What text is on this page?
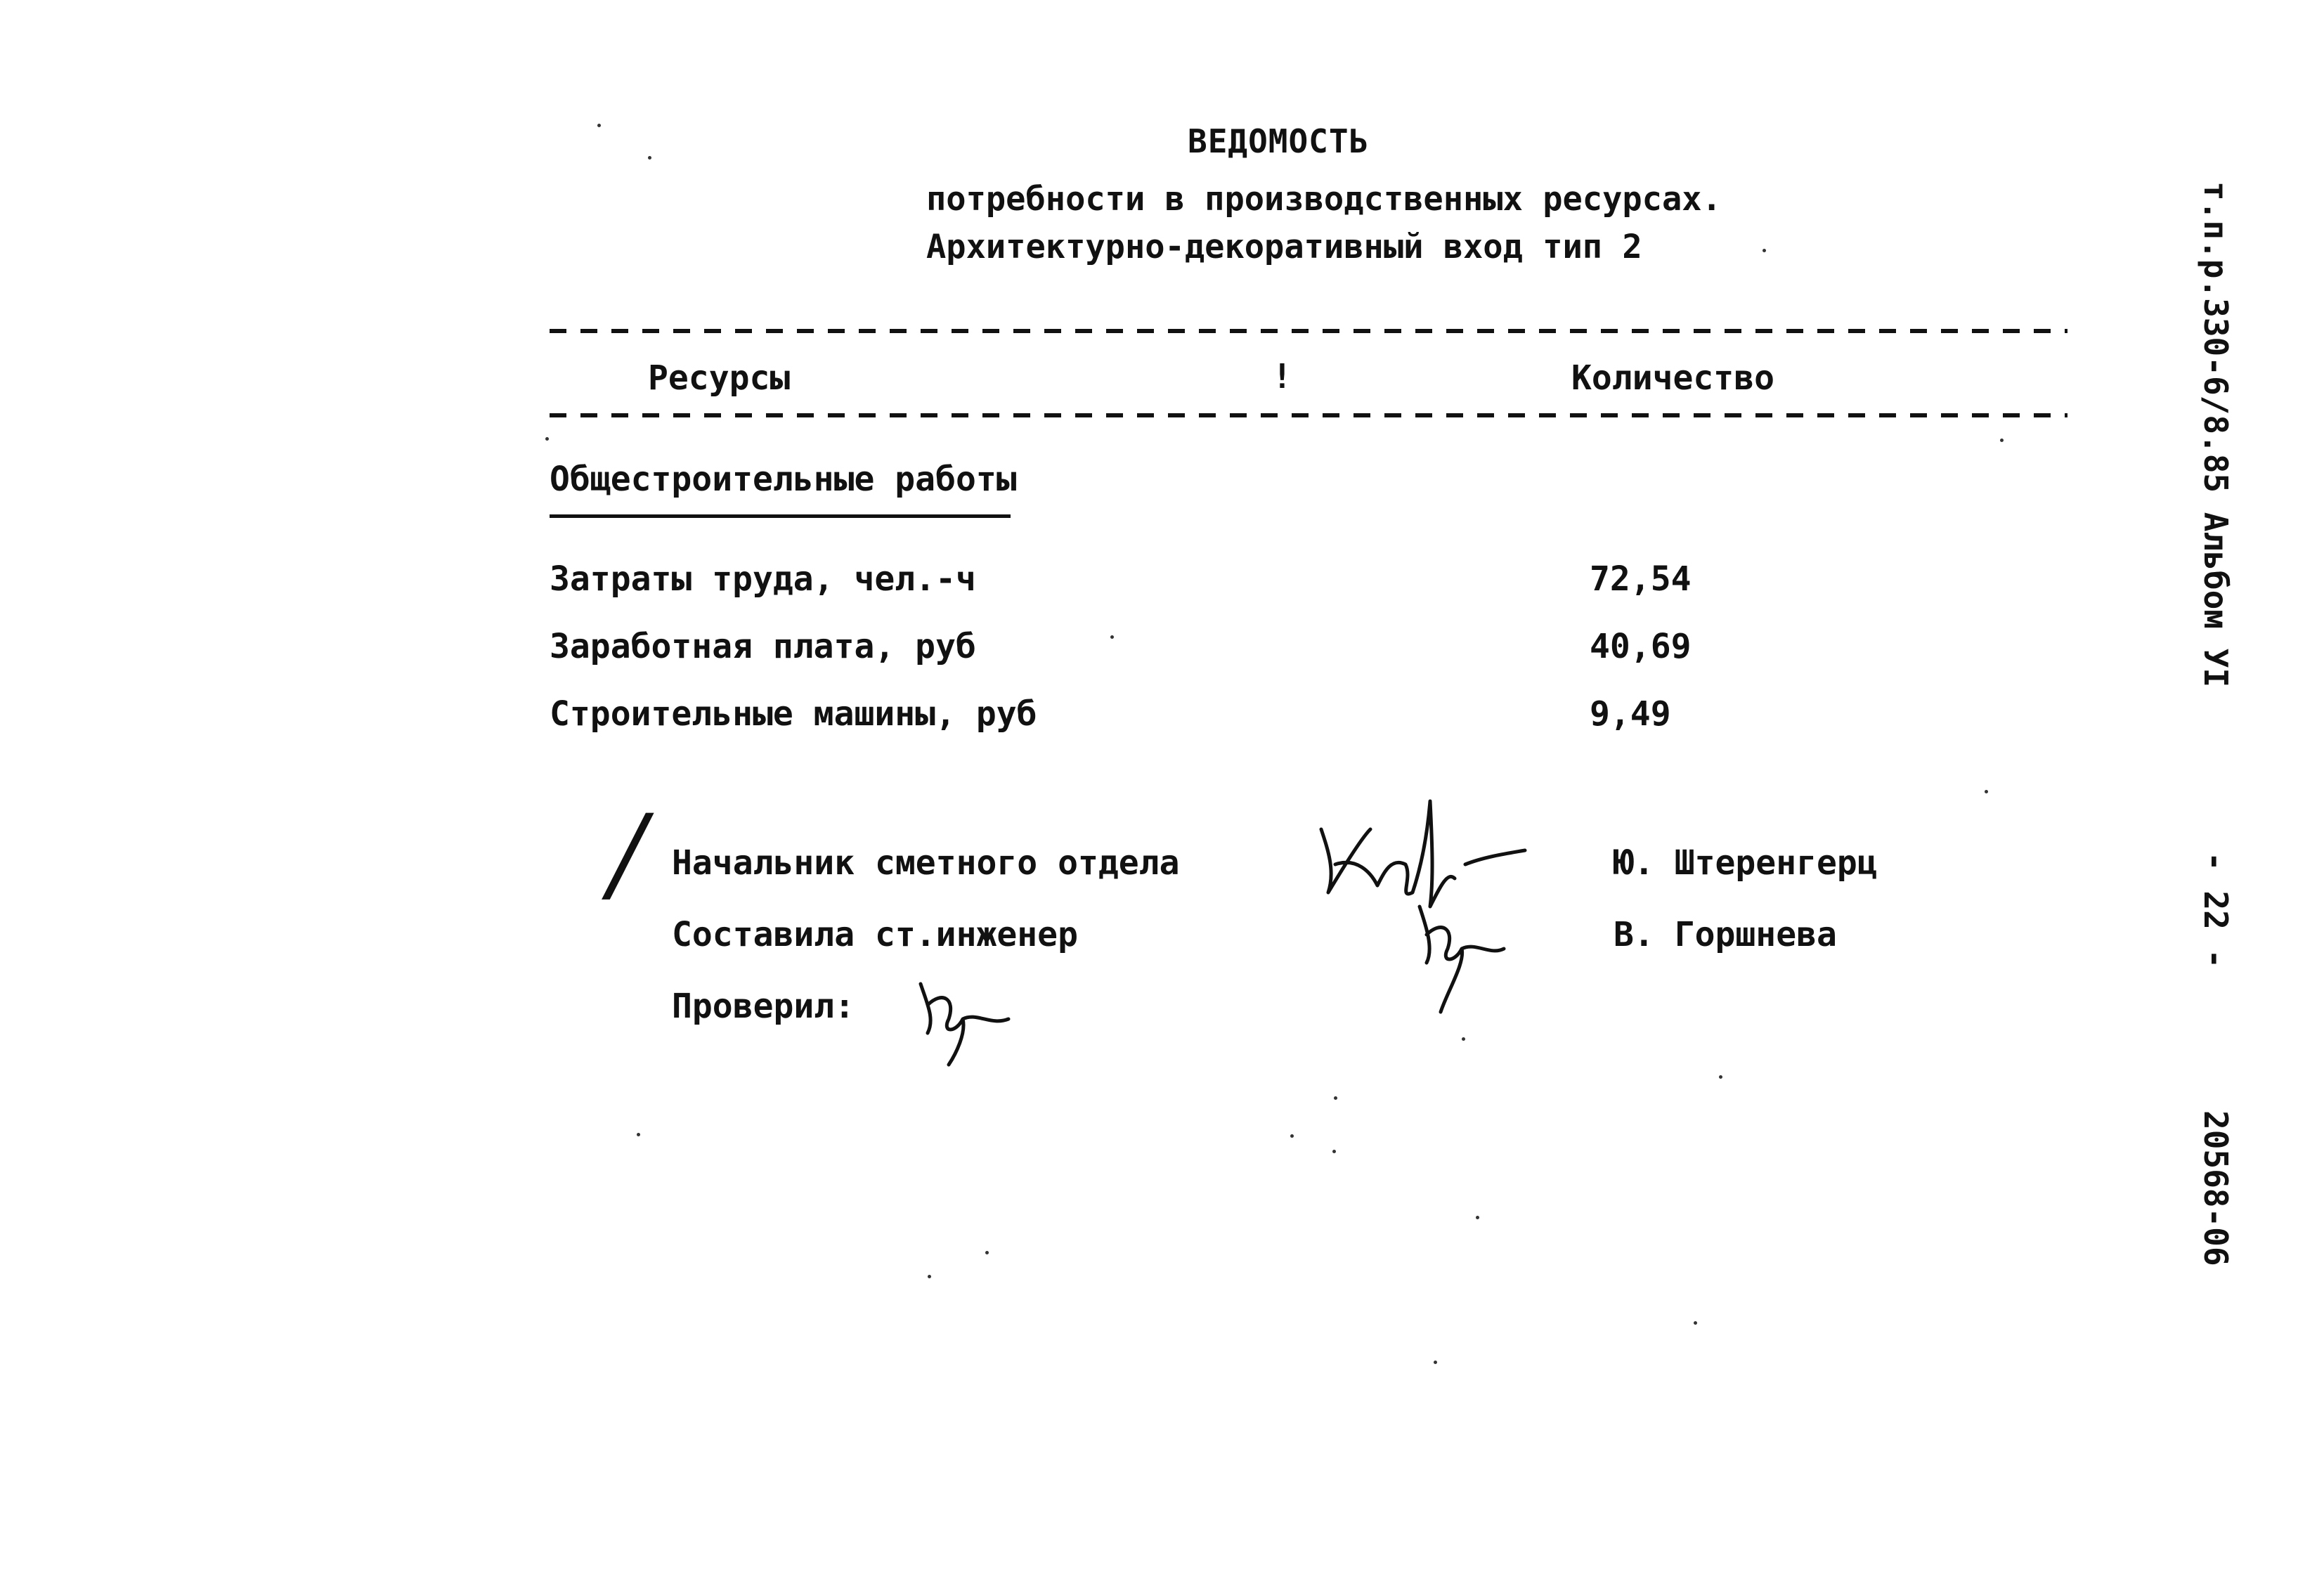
ВЕДОМОСТЬ
потребности в производственных ресурсах.
Архитектурно-декоративный вход тип 2
Ресурсы	!	Количество
Общестроительные работы
Затраты труда, чел.-ч	72,54
Заработная плата, руб	40,69
Строительные машины, руб	9,49
/ Начальник сметного отдела	Ю. Штеренгерц
Составила ст.инженер	В. Горшнева
Проверил:
т.п.р.330-6/8.85 Альбом УI
- 22 -
20568-06
